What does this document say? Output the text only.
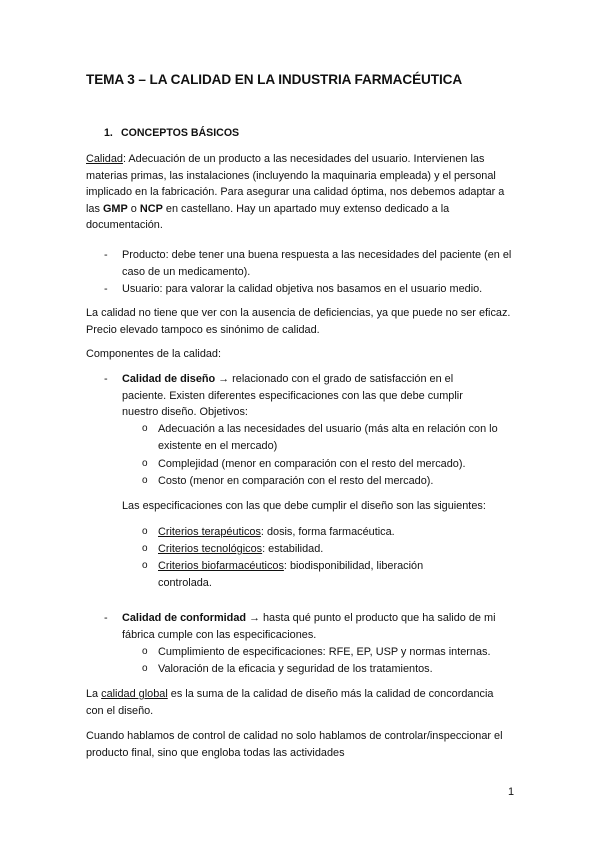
TEMA 3 – LA CALIDAD EN LA INDUSTRIA FARMACÉUTICA
1. CONCEPTOS BÁSICOS
Calidad: Adecuación de un producto a las necesidades del usuario. Intervienen las materias primas, las instalaciones (incluyendo la maquinaria empleada) y el personal implicado en la fabricación. Para asegurar una calidad óptima, nos debemos adaptar a las GMP o NCP en castellano. Hay un apartado muy extenso dedicado a la documentación.
- Producto: debe tener una buena respuesta a las necesidades del paciente (en el caso de un medicamento).
- Usuario: para valorar la calidad objetiva nos basamos en el usuario medio.
La calidad no tiene que ver con la ausencia de deficiencias, ya que puede no ser eficaz. Precio elevado tampoco es sinónimo de calidad.
Componentes de la calidad:
- Calidad de diseño → relacionado con el grado de satisfacción en el paciente. Existen diferentes especificaciones con las que debe cumplir nuestro diseño. Objetivos:
o Adecuación a las necesidades del usuario (más alta en relación con lo existente en el mercado)
o Complejidad (menor en comparación con el resto del mercado).
o Costo (menor en comparación con el resto del mercado).
Las especificaciones con las que debe cumplir el diseño son las siguientes:
o Criterios terapéuticos: dosis, forma farmacéutica.
o Criterios tecnológicos: estabilidad.
o Criterios biofarmacéuticos: biodisponibilidad, liberación controlada.
- Calidad de conformidad → hasta qué punto el producto que ha salido de mi fábrica cumple con las especificaciones.
o Cumplimiento de especificaciones: RFE, EP, USP y normas internas.
o Valoración de la eficacia y seguridad de los tratamientos.
La calidad global es la suma de la calidad de diseño más la calidad de concordancia con el diseño.
Cuando hablamos de control de calidad no solo hablamos de controlar/inspeccionar el producto final, sino que engloba todas las actividades
1
